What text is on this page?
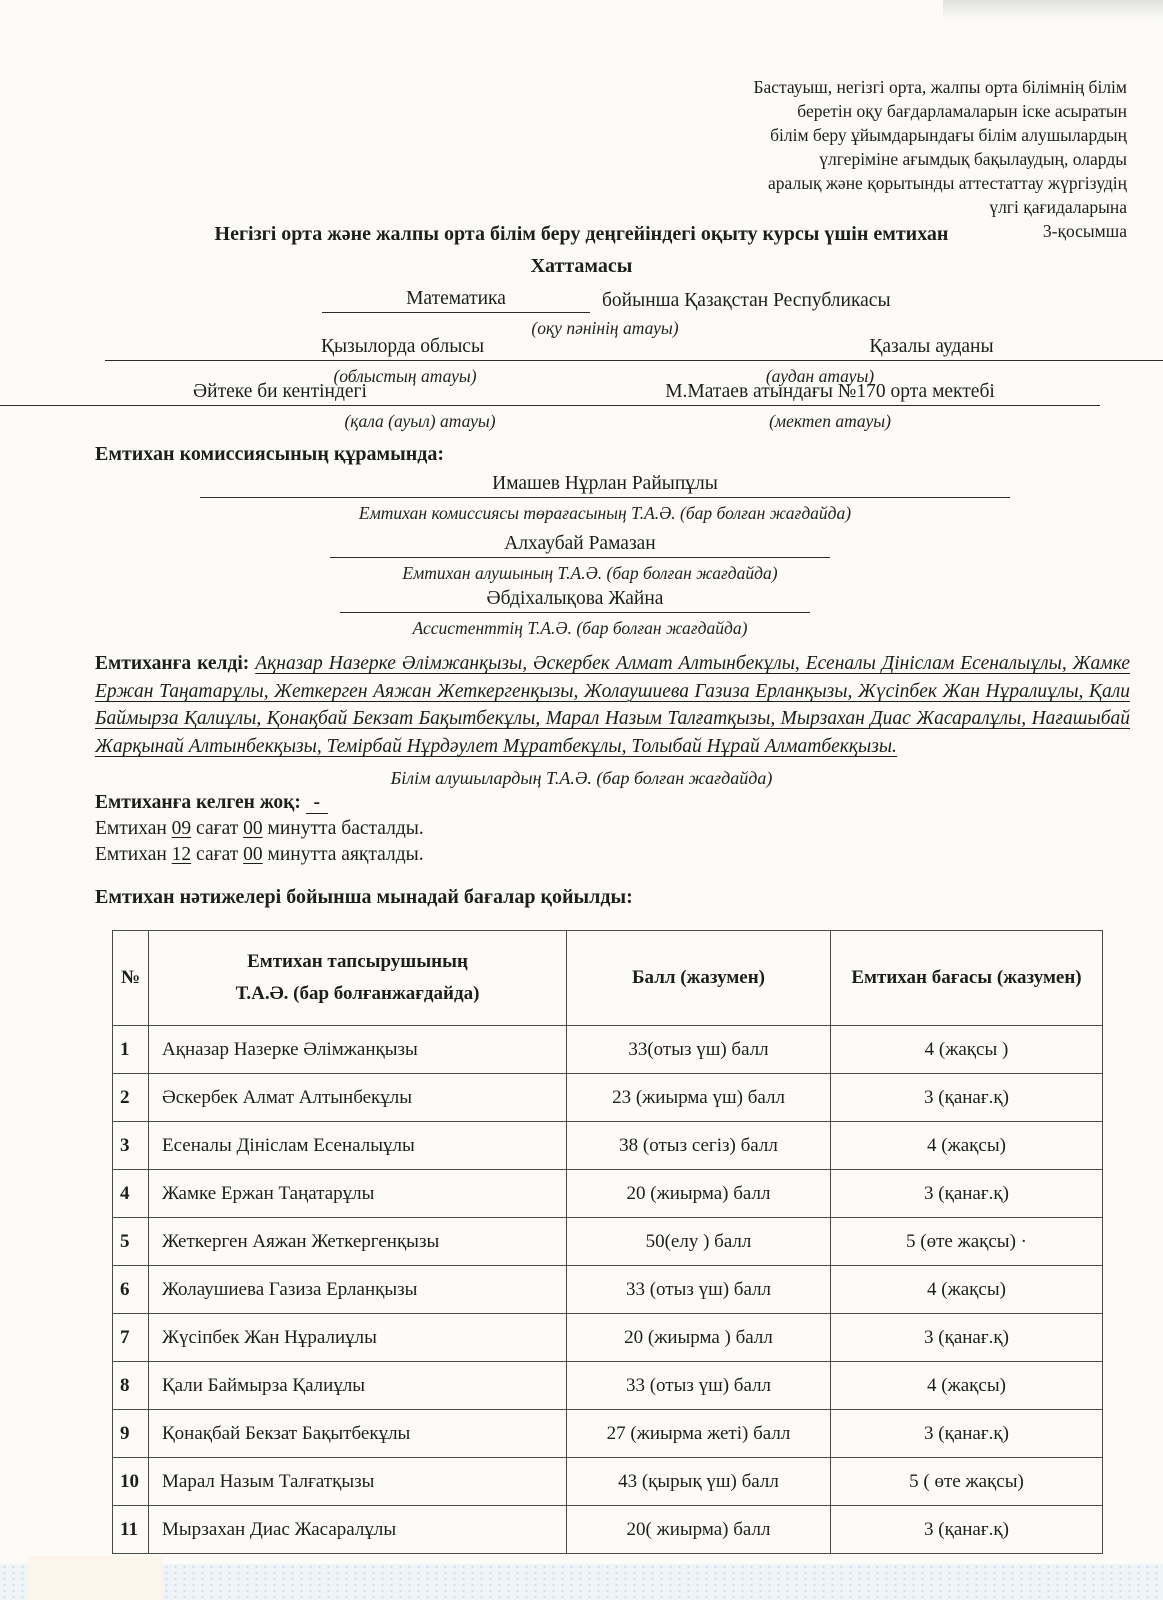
Бастауыш, негізгі орта, жалпы орта білімнің білім
беретін оқу бағдарламаларын іске асыратын
білім беру ұйымдарындағы білім алушылардың
үлгеріміне ағымдық бақылаудың, оларды
аралық және қорытынды аттестаттау жүргізудің
үлгі қағидаларына
3-қосымша
Негізгі орта және жалпы орта білім беру деңгейіндегі оқыту курсы үшін емтихан
Хаттамасы
Математика	бойынша Қазақстан Республикасы
(оқу пәнінің атауы)
Қызылорда облысы
(облыстың атауы)
Қазалы ауданы
(аудан атауы)
Әйтеке би кентіндегі
(қала (ауыл) атауы)
М.Матаев атындағы №170 орта мектебі
(мектеп атауы)
Емтихан комиссиясының құрамында:
Имашев Нұрлан Райыпұлы
Емтихан комиссиясы төрағасының Т.А.Ә. (бар болған жағдайда)
Алхаубай Рамазан
Емтихан алушының Т.А.Ә. (бар болған жағдайда)
Әбдіхалықова Жайна
Ассистенттің Т.А.Ә. (бар болған жағдайда)
Емтиханға келді: Ақназар Назерке Әлімжанқызы, Әскербек Алмат Алтынбекұлы, Есеналы Дініслам Есеналыұлы, Жамке Ержан Таңатарұлы, Жеткерген Аяжан Жеткергенқызы, Жолаушиева Газиза Ерланқызы, Жүсіпбек Жан Нұралиұлы, Қали Баймырза Қалиұлы, Қонақбай Бекзат Бақытбекұлы, Марал Назым Талғатқызы, Мырзахан Диас Жасаралұлы, Нағашыбай Жарқынай Алтынбекқызы, Темірбай Нұрдәулет Мұратбекұлы, Толыбай Нұрай Алматбекқызы.
Білім алушылардың Т.А.Ә. (бар болған жағдайда)
Емтиханға келген жоқ: -
Емтихан 09 сағат 00 минутта басталды.
Емтихан 12 сағат 00 минутта аяқталды.
Емтихан нәтижелері бойынша мынадай бағалар қойылды:
№	Емтихан тапсырушының
Т.А.Ә. (бар болғанжағдайда)	Балл (жазумен)	Емтихан бағасы (жазумен)
1	Ақназар Назерке Әлімжанқызы	33(отыз үш) балл	4 (жақсы )
2	Әскербек Алмат Алтынбекұлы	23 (жиырма үш) балл	3 (қанағ.қ)
3	Есеналы Дініслам Есеналыұлы	38 (отыз сегіз) балл	4 (жақсы)
4	Жамке Ержан Таңатарұлы	20 (жиырма) балл	3 (қанағ.қ)
5	Жеткерген Аяжан Жеткергенқызы	50(елу ) балл	5 (өте жақсы) ·
6	Жолаушиева Газиза Ерланқызы	33 (отыз үш) балл	4 (жақсы)
7	Жүсіпбек Жан Нұралиұлы	20 (жиырма ) балл	3 (қанағ.қ)
8	Қали Баймырза Қалиұлы	33 (отыз үш) балл	4 (жақсы)
9	Қонақбай Бекзат Бақытбекұлы	27 (жиырма жеті) балл	3 (қанағ.қ)
10	Марал Назым Талғатқызы	43 (қырық үш) балл	5 ( өте жақсы)
11	Мырзахан Диас Жасаралұлы	20( жиырма) балл	3 (қанағ.қ)
